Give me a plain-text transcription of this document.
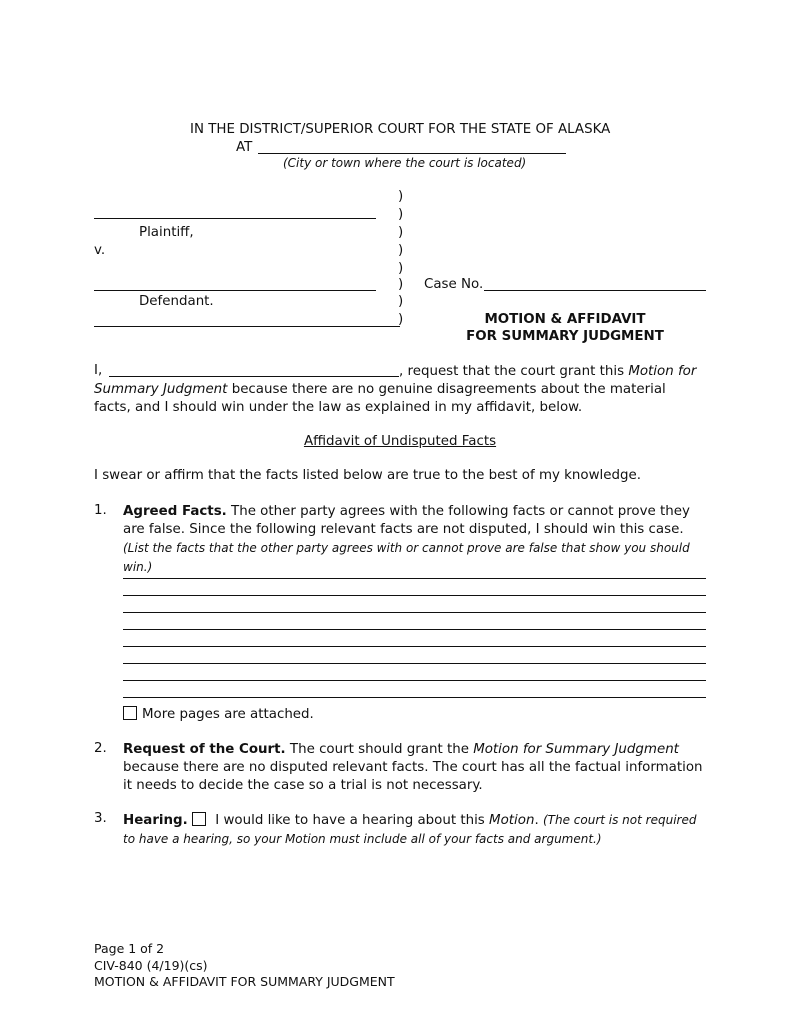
IN THE DISTRICT/SUPERIOR COURT FOR THE STATE OF ALASKA
AT
(City or town where the court is located)
Plaintiff,
v.
Defendant.
)
)
)
)
)
)
)
)
Case No.
MOTION & AFFIDAVIT
FOR SUMMARY JUDGMENT
I,	, request that the court grant this Motion for Summary Judgment because there are no genuine disagreements about the material facts, and I should win under the law as explained in my affidavit, below.
Affidavit of Undisputed Facts
I swear or affirm that the facts listed below are true to the best of my knowledge.
1. Agreed Facts. The other party agrees with the following facts or cannot prove they are false. Since the following relevant facts are not disputed, I should win this case. (List the facts that the other party agrees with or cannot prove are false that show you should win.)
More pages are attached.
2. Request of the Court. The court should grant the Motion for Summary Judgment because there are no disputed relevant facts. The court has all the factual information it needs to decide the case so a trial is not necessary.
3. Hearing.  I would like to have a hearing about this Motion. (The court is not required to have a hearing, so your Motion must include all of your facts and argument.)
Page 1 of 2
CIV-840 (4/19)(cs)
MOTION & AFFIDAVIT FOR SUMMARY JUDGMENT
